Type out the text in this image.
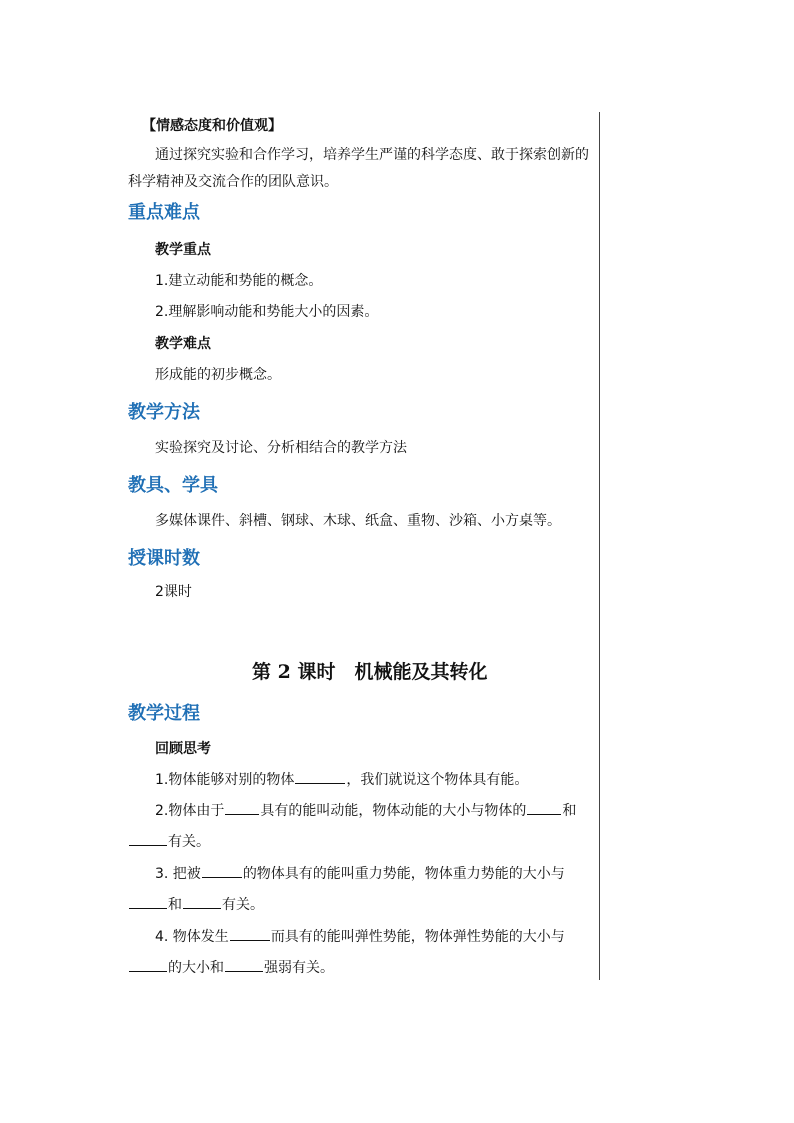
【情感态度和价值观】
通过探究实验和合作学习，培养学生严谨的科学态度、敢于探索创新的
科学精神及交流合作的团队意识。
重点难点
教学重点
1.建立动能和势能的概念。
2.理解影响动能和势能大小的因素。
教学难点
形成能的初步概念。
教学方法
实验探究及讨论、分析相结合的教学方法
教具、学具
多媒体课件、斜槽、钢球、木球、纸盒、重物、沙箱、小方桌等。
授课时数
2课时
第 2 课时　机械能及其转化
教学过程
回顾思考
1.物体能够对别的物体	，我们就说这个物体具有能。
2.物体由于	具有的能叫动能，物体动能的大小与物体的	和
有关。
3. 把被	的物体具有的能叫重力势能，物体重力势能的大小与
和	有关。
4. 物体发生	而具有的能叫弹性势能，物体弹性势能的大小与
的大小和	强弱有关。
